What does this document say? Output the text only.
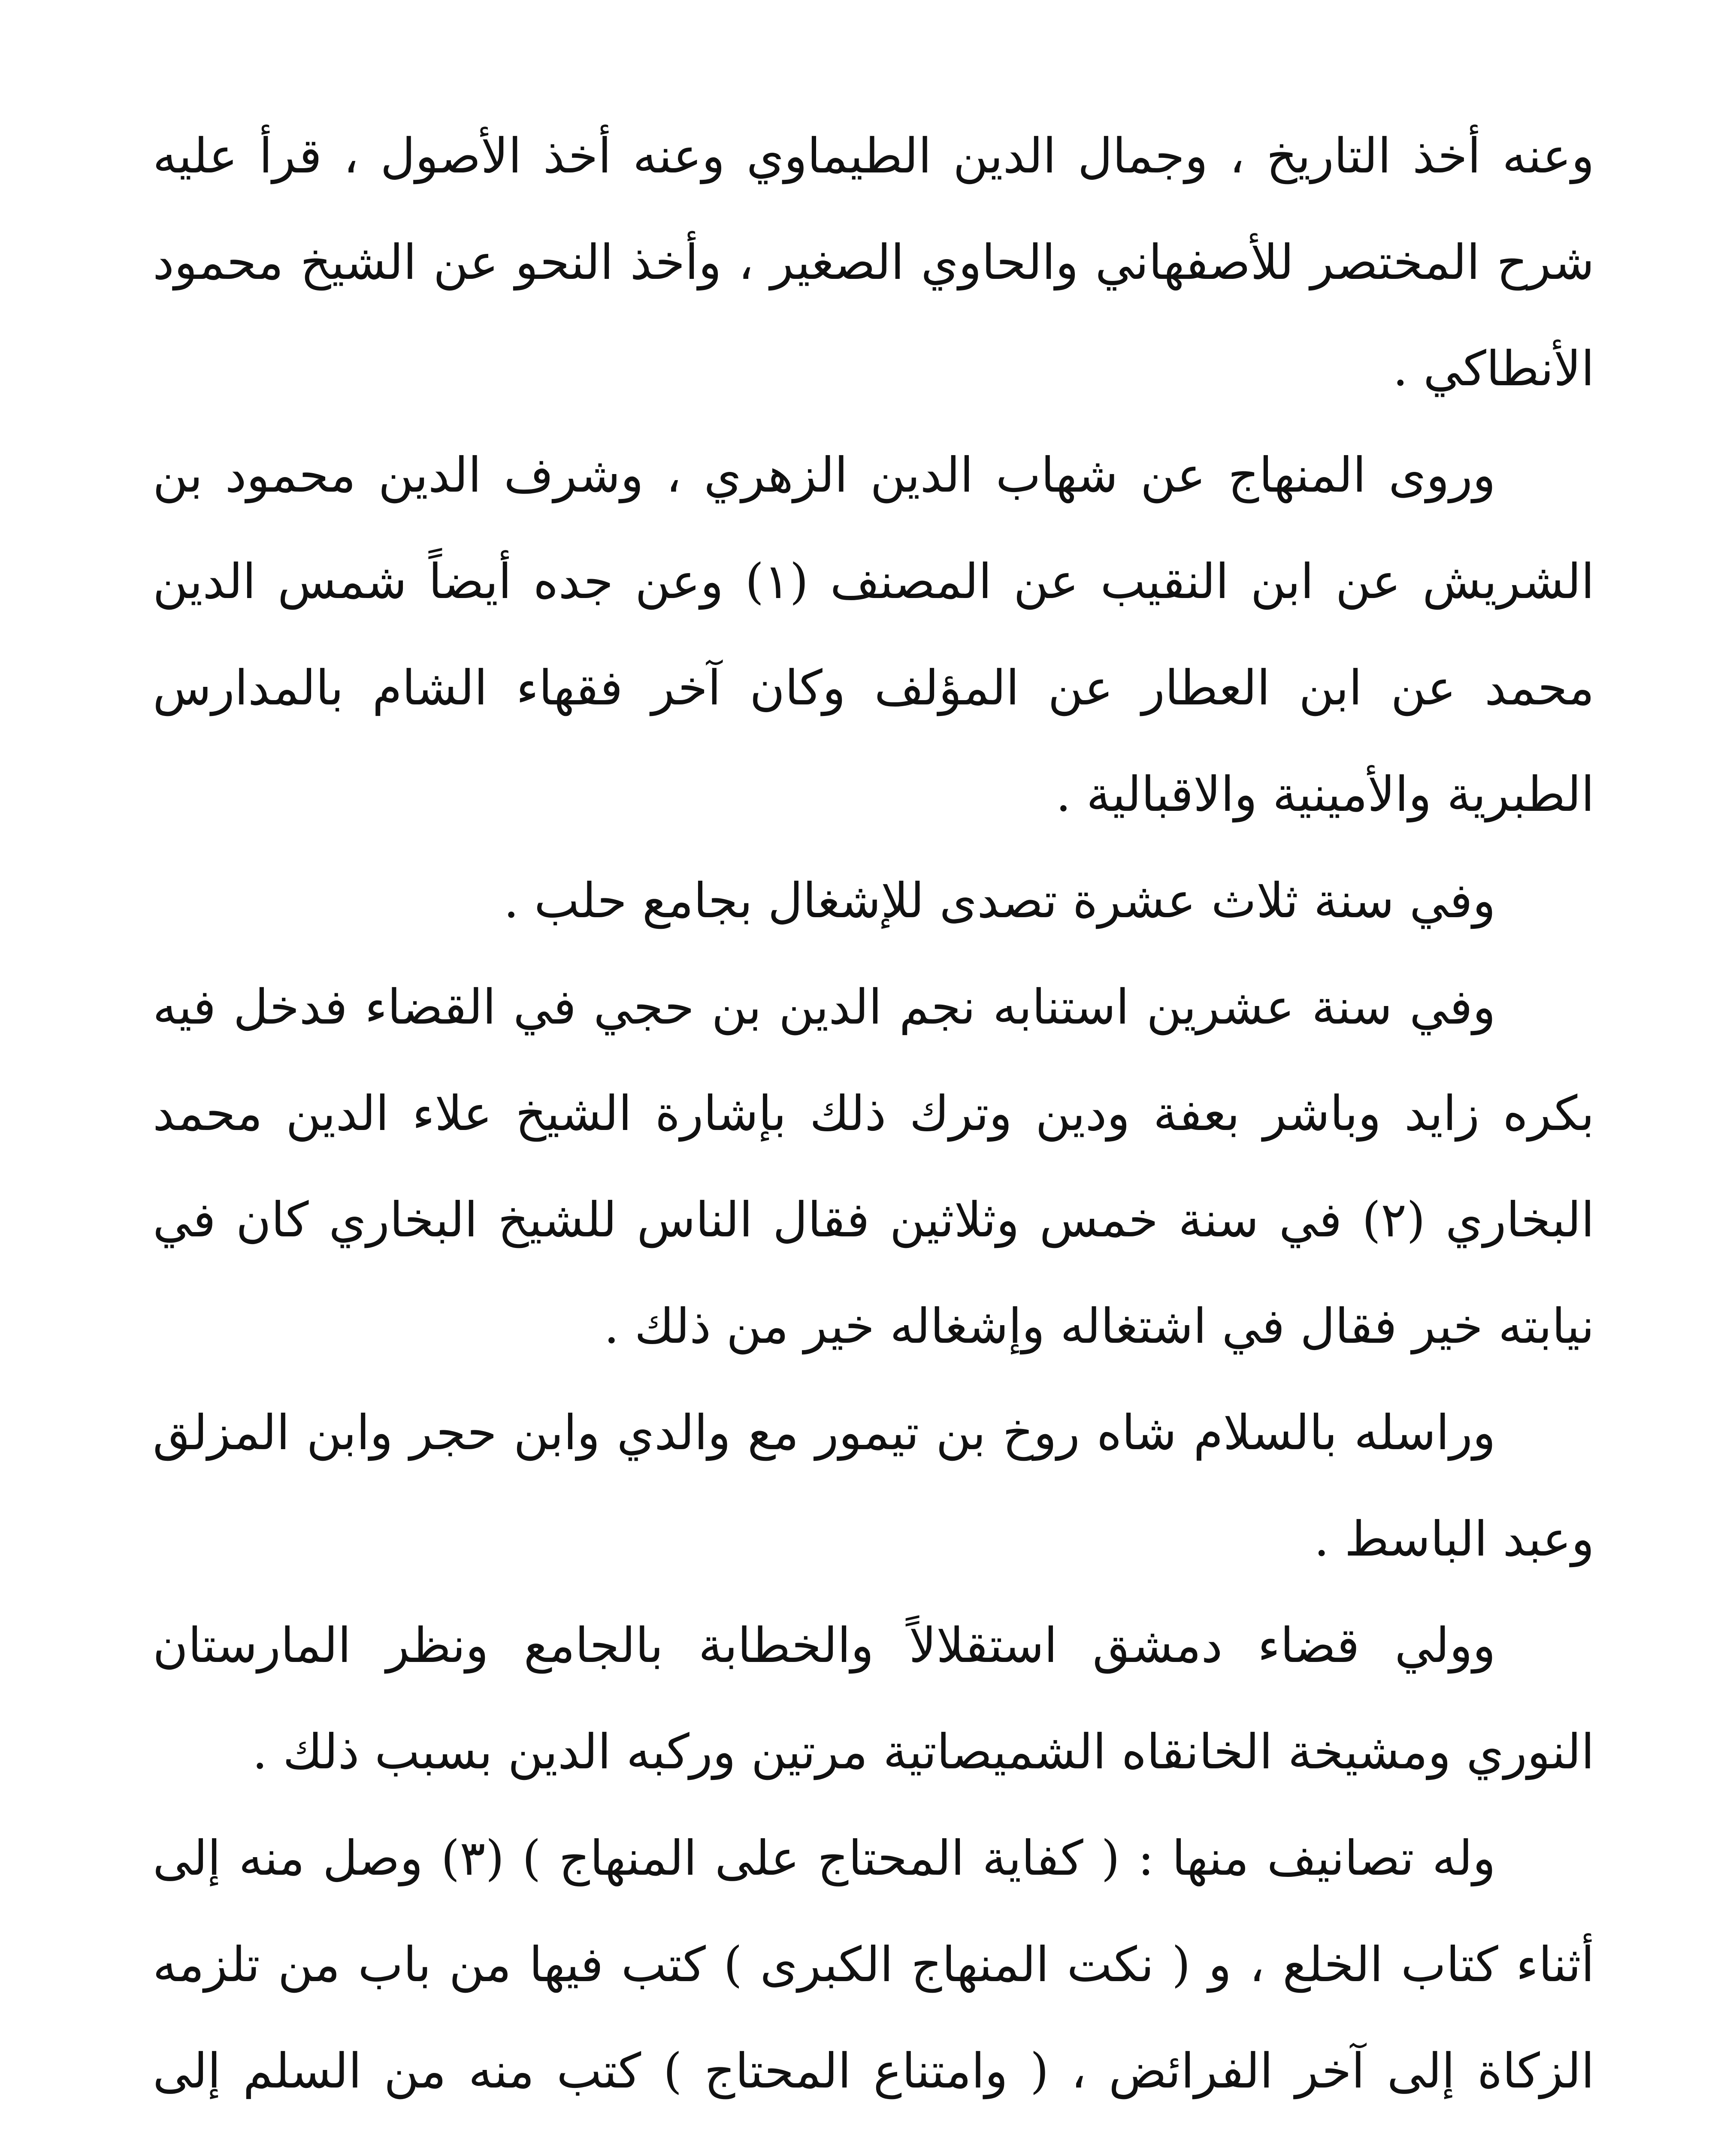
وعنه أخذ التاريخ ، وجمال الدين الطيماوي وعنه أخذ الأصول ، قرأ عليه شرح المختصر للأصفهاني والحاوي الصغير ، وأخذ النحو عن الشيخ محمود الأنطاكي .

وروى المنهاج عن شهاب الدين الزهري ، وشرف الدين محمود بن الشريش عن ابن النقيب عن المصنف (١) وعن جده أيضاً شمس الدين محمد عن ابن العطار عن المؤلف وكان آخر فقهاء الشام بالمدارس الطبرية والأمينية والاقبالية .

وفي سنة ثلاث عشرة تصدى للإشغال بجامع حلب .

وفي سنة عشرين استنابه نجم الدين بن حجي في القضاء فدخل فيه بكره زايد وباشر بعفة ودين وترك ذلك بإشارة الشيخ علاء الدين محمد البخاري (٢) في سنة خمس وثلاثين فقال الناس للشيخ البخاري كان في نيابته خير فقال في اشتغاله وإشغاله خير من ذلك .

وراسله بالسلام شاه روخ بن تيمور مع والدي وابن حجر وابن المزلق وعبد الباسط .

وولي قضاء دمشق استقلالاً والخطابة بالجامع ونظر المارستان النوري ومشيخة الخانقاه الشميصاتية مرتين وركبه الدين بسبب ذلك .

وله تصانيف منها : ( كفاية المحتاج على المنهاج ) (٣) وصل منه إلى أثناء كتاب الخلع ، و ( نكت المنهاج الكبرى ) كتب فيها من باب من تلزمه الزكاة إلى آخر الفرائض ، ( وامتناع المحتاج ) كتب منه من السلم إلى
